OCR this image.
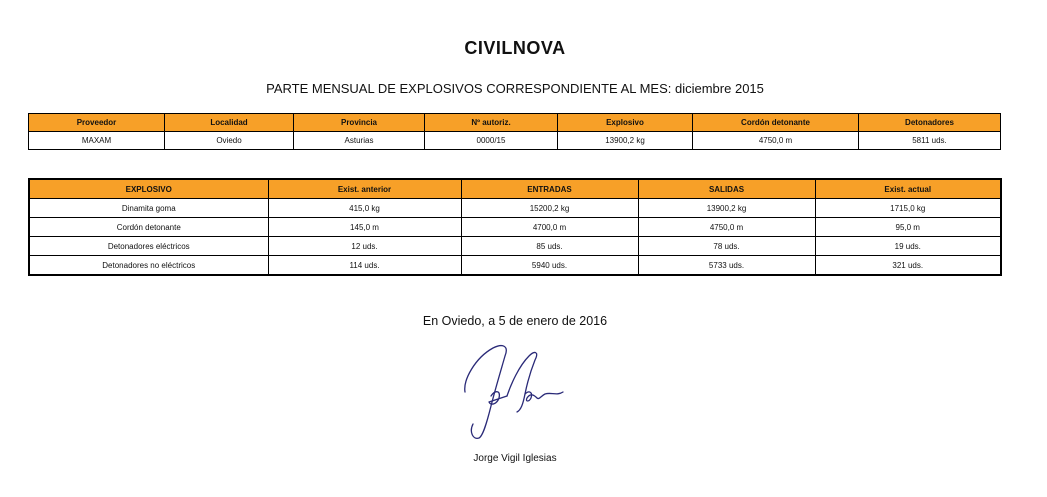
CIVILNOVA
PARTE MENSUAL DE EXPLOSIVOS CORRESPONDIENTE AL MES: diciembre 2015
Proveedor	Localidad	Provincia	Nº autoriz.	Explosivo	Cordón detonante	Detonadores
MAXAM	Oviedo	Asturias	0000/15	13900,2 kg	4750,0 m	5811 uds.
EXPLOSIVO	Exist. anterior	ENTRADAS	SALIDAS	Exist. actual
Dinamita goma	415,0 kg	15200,2 kg	13900,2 kg	1715,0 kg
Cordón detonante	145,0 m	4700,0 m	4750,0 m	95,0 m
Detonadores eléctricos	12 uds.	85 uds.	78 uds.	19 uds.
Detonadores no eléctricos	114 uds.	5940 uds.	5733 uds.	321 uds.
En Oviedo, a 5 de enero de 2016
Jorge Vigil Iglesias
